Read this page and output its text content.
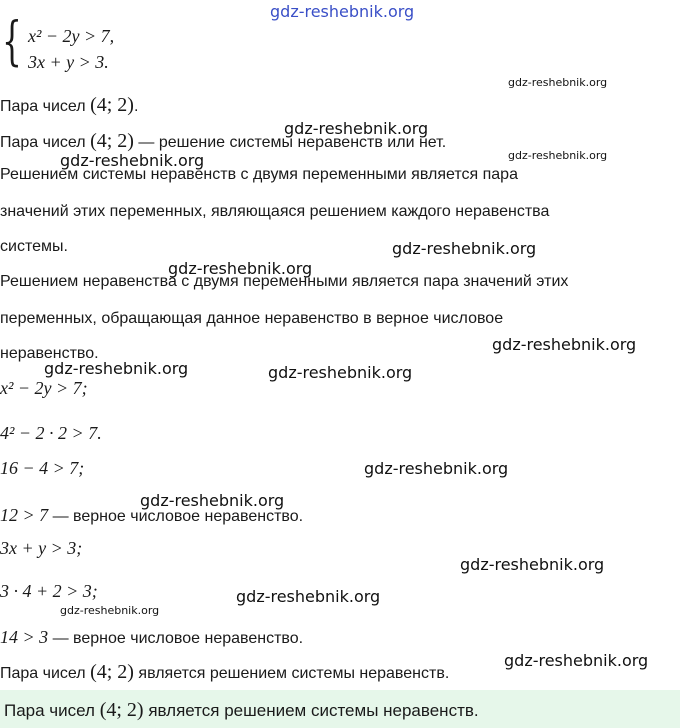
gdz-reshebnik.org
{ x² − 2y > 7,
3x + y > 3.
Пара чисел (4; 2).
gdz-reshebnik.org
gdz-reshebnik.org
Пара чисел (4; 2) — решение системы неравенств или нет.
gdz-reshebnik.org
gdz-reshebnik.org
Решением системы неравенств с двумя переменными является пара
значений этих переменных, являющаяся решением каждого неравенства
системы.	gdz-reshebnik.org
gdz-reshebnik.org
Решением неравенства с двумя переменными является пара значений этих
переменных, обращающая данное неравенство в верное числовое
gdz-reshebnik.org
неравенство.
gdz-reshebnik.org	gdz-reshebnik.org
x² − 2y > 7;
4² − 2 · 2 > 7.
16 − 4 > 7;	gdz-reshebnik.org
gdz-reshebnik.org
12 > 7 — верное числовое неравенство.
3x + y > 3;
gdz-reshebnik.org
3 · 4 + 2 > 3;	gdz-reshebnik.org
gdz-reshebnik.org
14 > 3 — верное числовое неравенство.
gdz-reshebnik.org
Пара чисел (4; 2) является решением системы неравенств.
Пара чисел (4; 2) является решением системы неравенств.
